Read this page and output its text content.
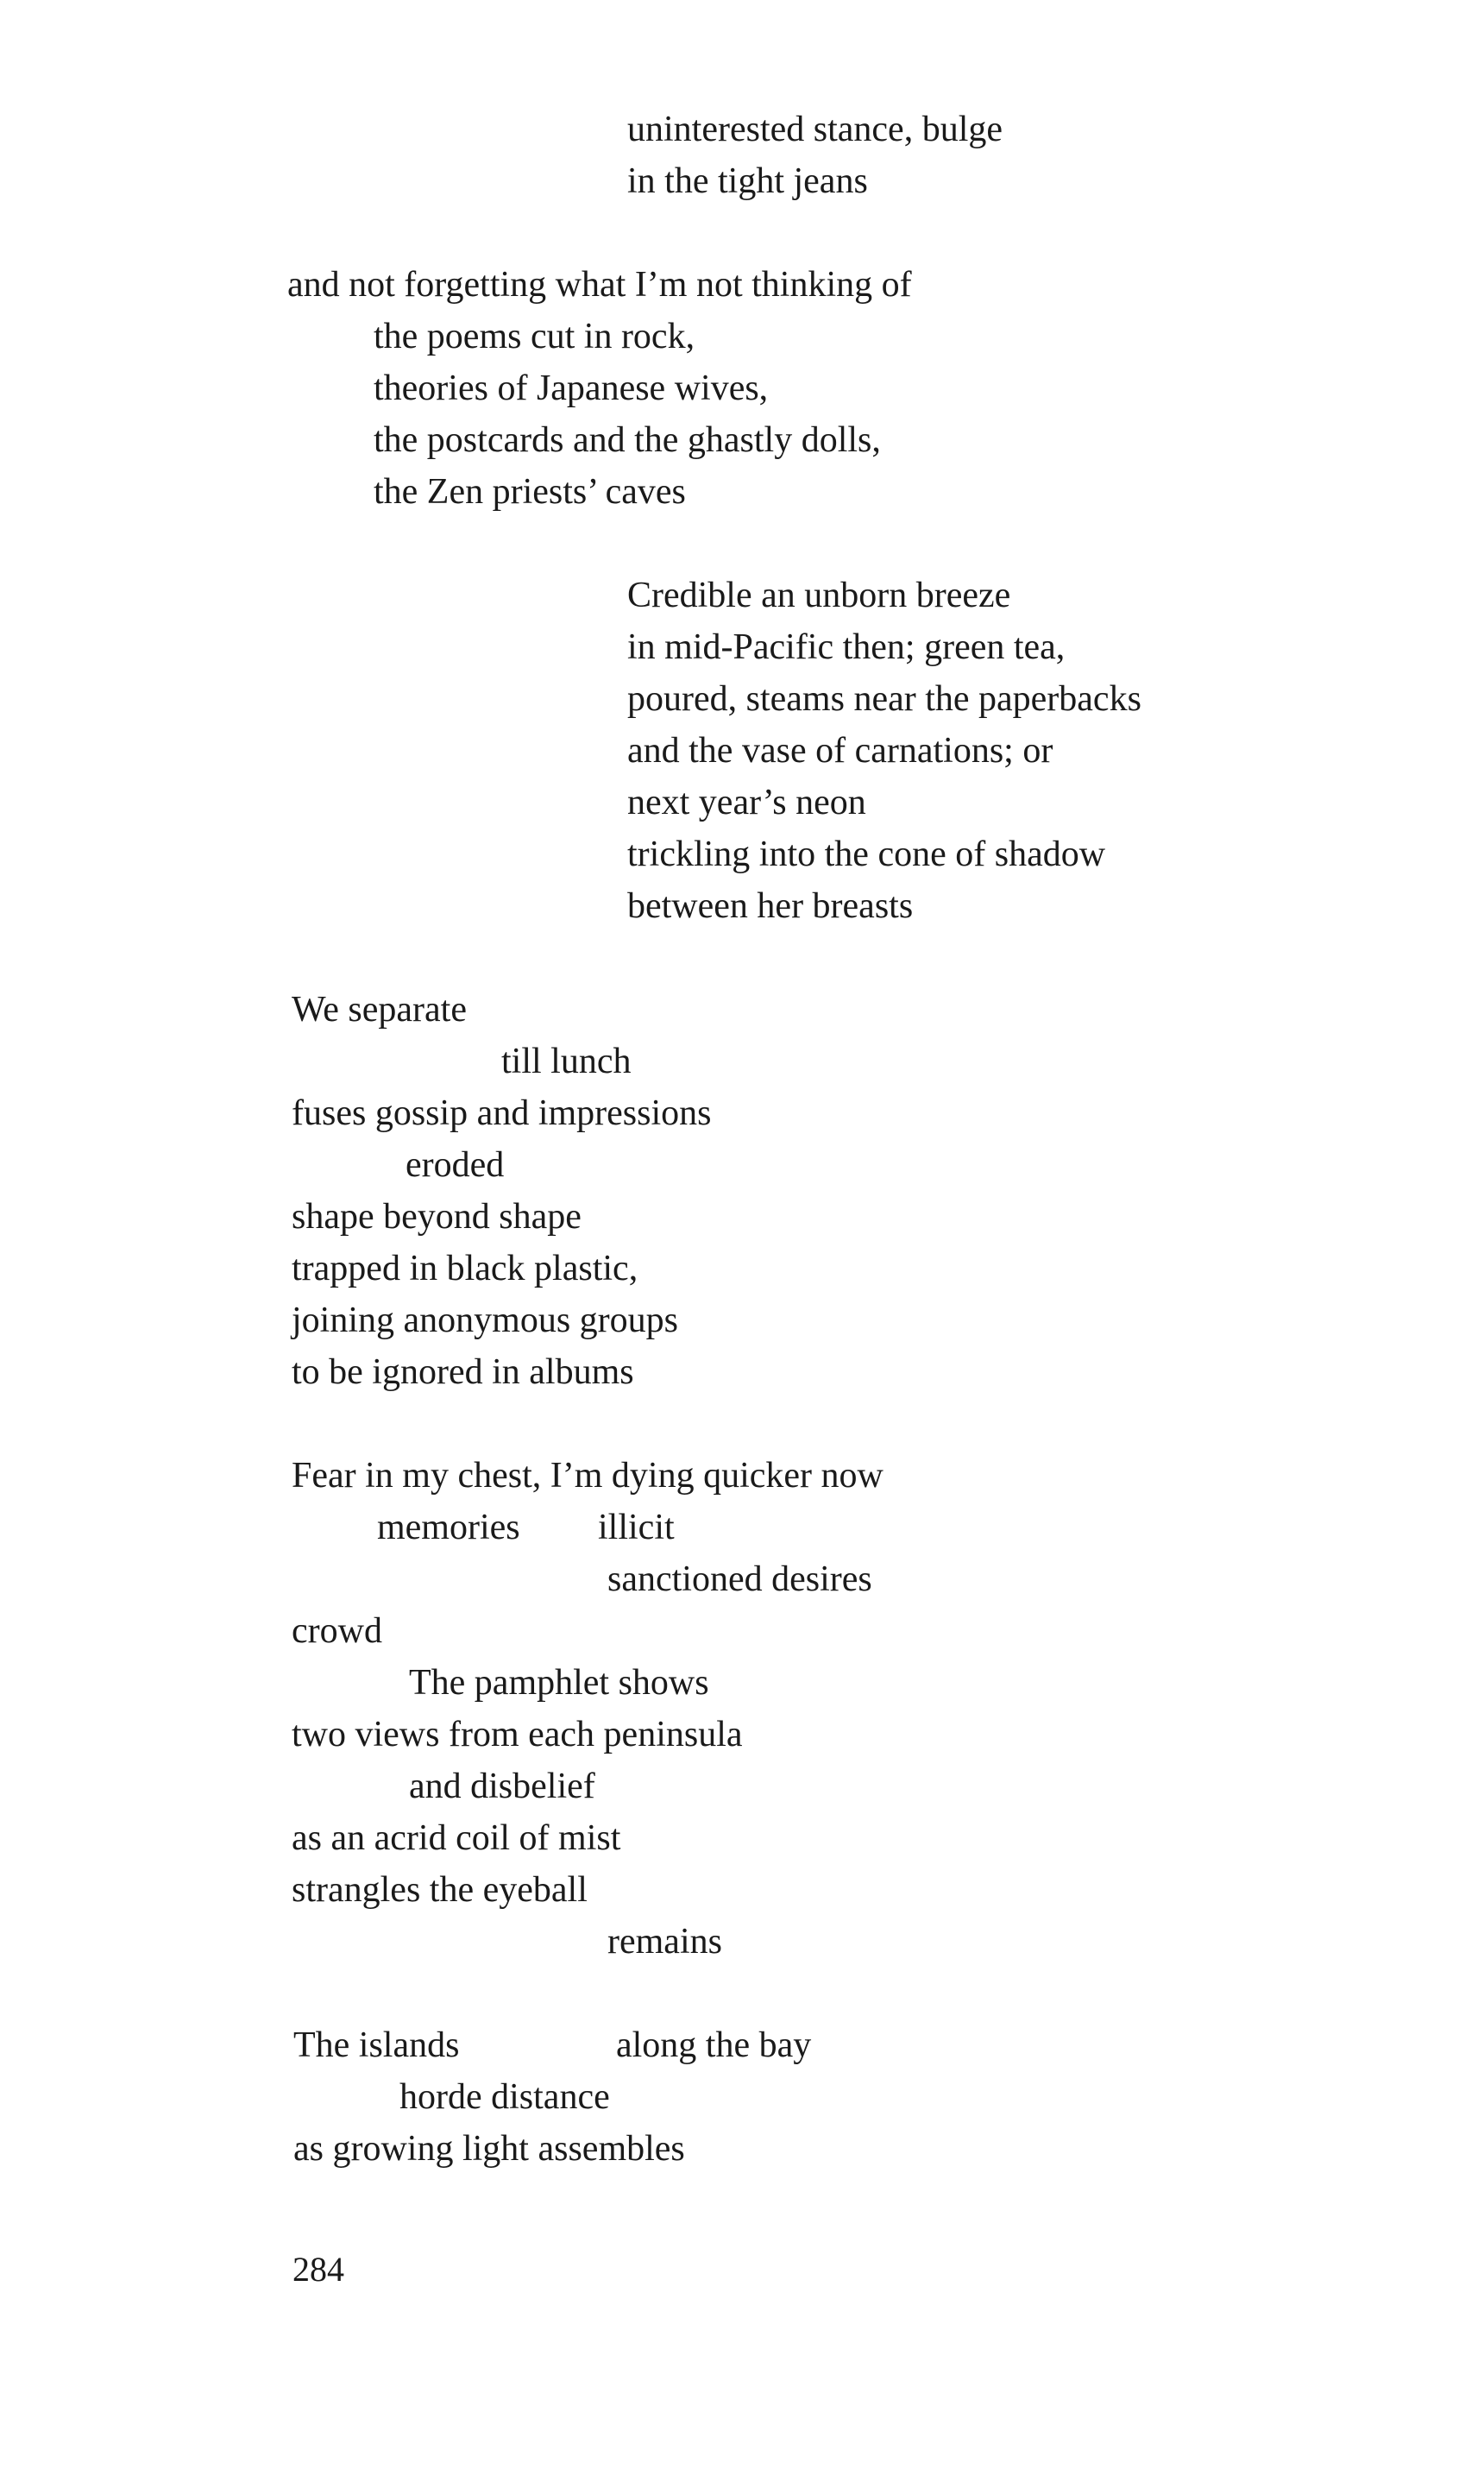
uninterested stance, bulge

in the tight jeans

and not forgetting what I’m not thinking of

the poems cut in rock,

theories of Japanese wives,

the postcards and the ghastly dolls,

the Zen priests’ caves

Credible an unborn breeze

in mid-Pacific then; green tea,

poured, steams near the paperbacks

and the vase of carnations; or

next year’s neon

trickling into the cone of shadow

between her breasts

We separate

till lunch

fuses gossip and impressions

eroded

shape beyond shape

trapped in black plastic,

joining anonymous groups

to be ignored in albums

Fear in my chest, I’m dying quicker now

memories illicit

sanctioned desires

crowd

The pamphlet shows

two views from each peninsula

and disbelief

as an acrid coil of mist

strangles the eyeball

remains

The islands	along the bay

horde distance

as growing light assembles

284
